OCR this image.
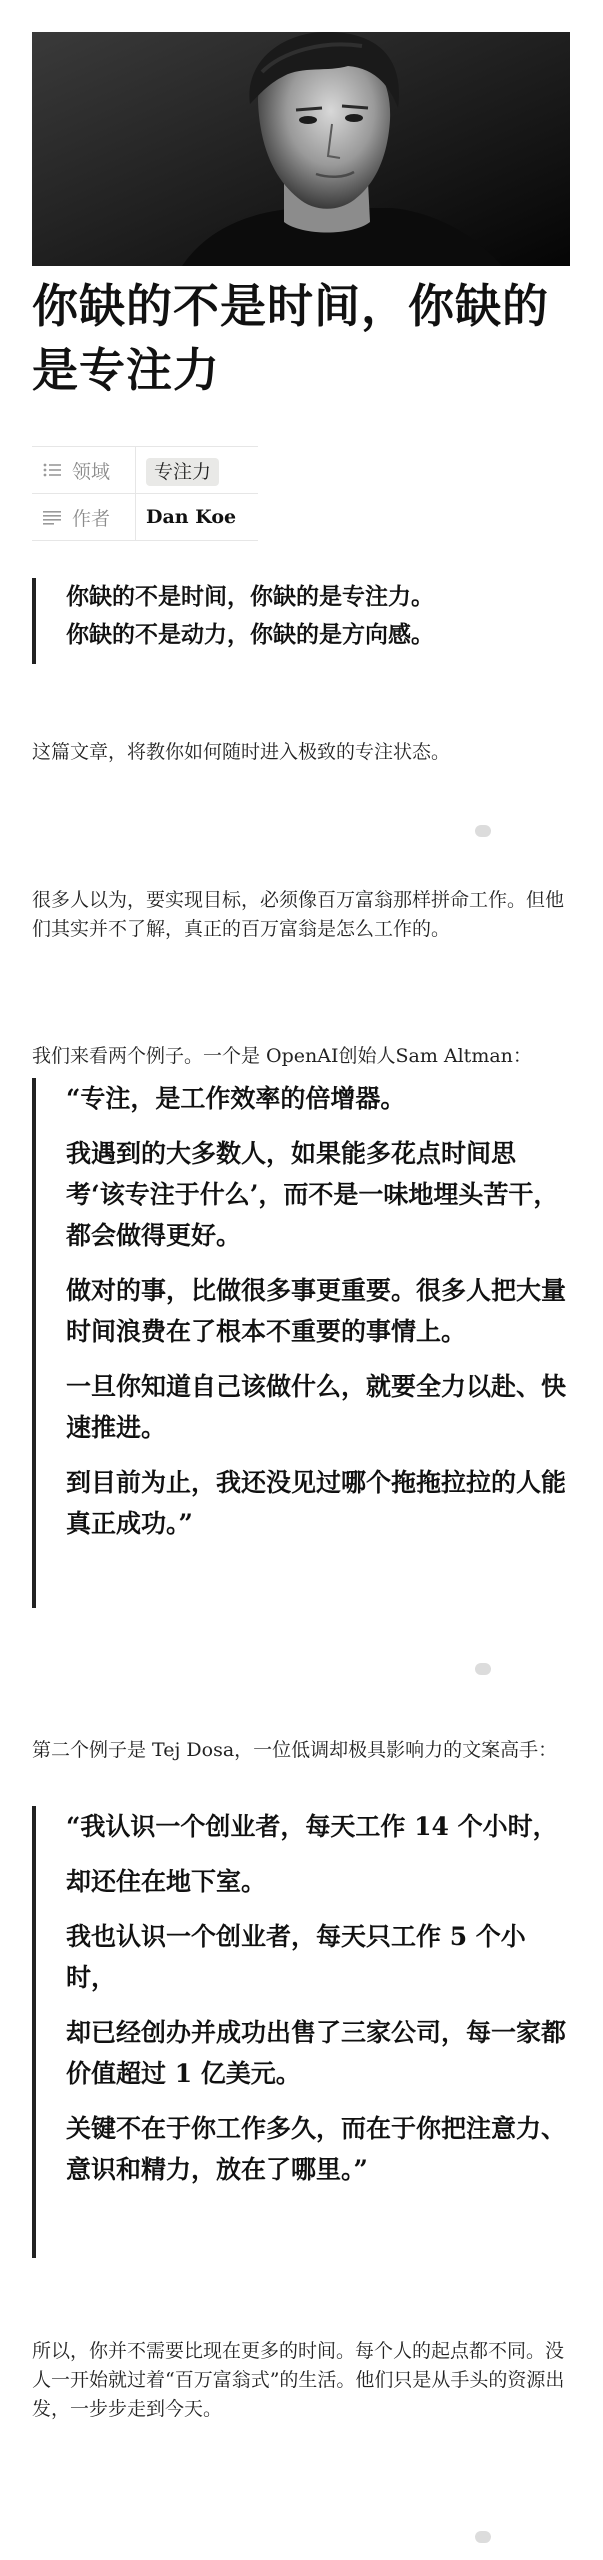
你缺的不是时间，你缺的是专注力
领域	专注力
作者	Dan Koe

你缺的不是时间，你缺的是专注力。

你缺的不是动力，你缺的是方向感。

这篇文章，将教你如何随时进入极致的专注状态。

很多人以为，要实现目标，必须像百万富翁那样拼命工作。但他们其实并不了解，真正的百万富翁是怎么工作的。

我们来看两个例子。一个是 OpenAI创始人Sam Altman：

“专注，是工作效率的倍增器。

我遇到的大多数人，如果能多花点时间思考‘该专注于什么’，而不是一味地埋头苦干，都会做得更好。

做对的事，比做很多事更重要。很多人把大量时间浪费在了根本不重要的事情上。

一旦你知道自己该做什么，就要全力以赴、快速推进。

到目前为止，我还没见过哪个拖拖拉拉的人能真正成功。”

第二个例子是 Tej Dosa，一位低调却极具影响力的文案高手：

“我认识一个创业者，每天工作 14 个小时，

却还住在地下室。

我也认识一个创业者，每天只工作 5 个小时，

却已经创办并成功出售了三家公司，每一家都价值超过 1 亿美元。

关键不在于你工作多久，而在于你把注意力、意识和精力，放在了哪里。”

所以，你并不需要比现在更多的时间。每个人的起点都不同。没人一开始就过着“百万富翁式”的生活。他们只是从手头的资源出发，一步步走到今天。
